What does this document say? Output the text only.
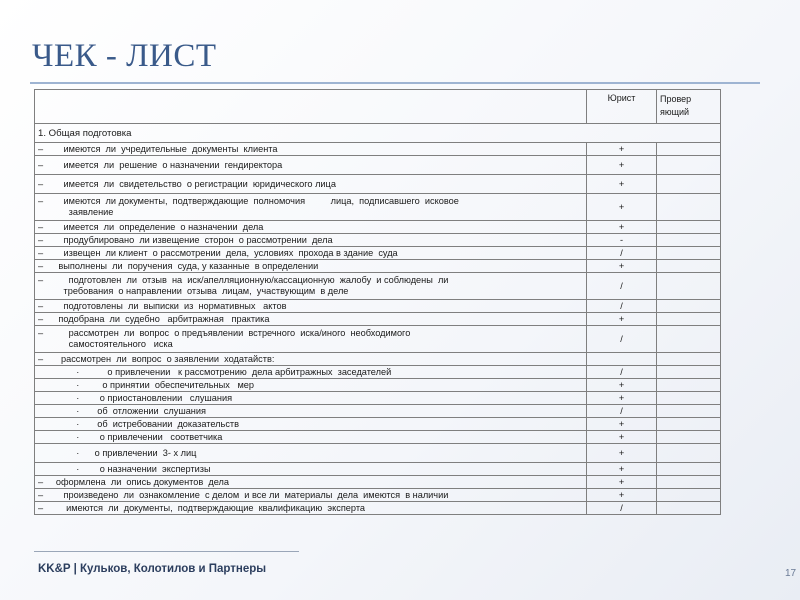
ЧЕК - ЛИСТ
	Юрист	Провер
яющий
1. Общая подготовка		
–        имеются  ли  учредительные  документы  клиента	+	
–        имеется  ли  решение  о назначении  гендиректора	+	
–        имеется  ли  свидетельство  о регистрации  юридического лица	+	
–        имеются  ли документы,  подтверждающие  полномочия          лица,  подписавшего  исковое
заявление	+	
–        имеется  ли  определение  о назначении  дела	+	
–        продублировано  ли извещение  сторон  о рассмотрении  дела	-	
–        извещен  ли клиент  о рассмотрении  дела,  условиях  прохода в здание  суда	/	
–      выполнены  ли  поручения  суда, у казанные  в определении	+	
–          подготовлен  ли  отзыв  на  иск/апелляционную/кассационную  жалобу  и соблюдены  ли
требования  о направлении  отзыва  лицам,  участвующим  в деле	/	
–        подготовлены  ли  выписки  из  нормативных   актов	/	
–      подобрана  ли  судебно   арбитражная   практика	+	
–          рассмотрен  ли  вопрос  о предъявлении  встречного  иска/иного  необходимого
самостоятельного   иска	/	
–       рассмотрен  ли  вопрос  о заявлении  ходатайств:		
·           о привлечении   к рассмотрению  дела арбитражных  заседателей	/	
·         о принятии  обеспечительных   мер	+	
·        о приостановлении   слушания	+	
·       об  отложении  слушания	/	
·       об  истребовании  доказательств	+	
·        о привлечении   соответчика	+	
·      о привлечении  3- х лиц	+	
·        о назначении  экспертизы	+	
–     оформлена  ли  опись документов  дела	+	
–        произведено  ли  ознакомление  с делом  и все ли  материалы  дела  имеются  в наличии	+	
–         имеются  ли  документы,  подтверждающие  квалификацию  эксперта	/	
KK&P | Кульков, Колотилов и Партнеры	17
